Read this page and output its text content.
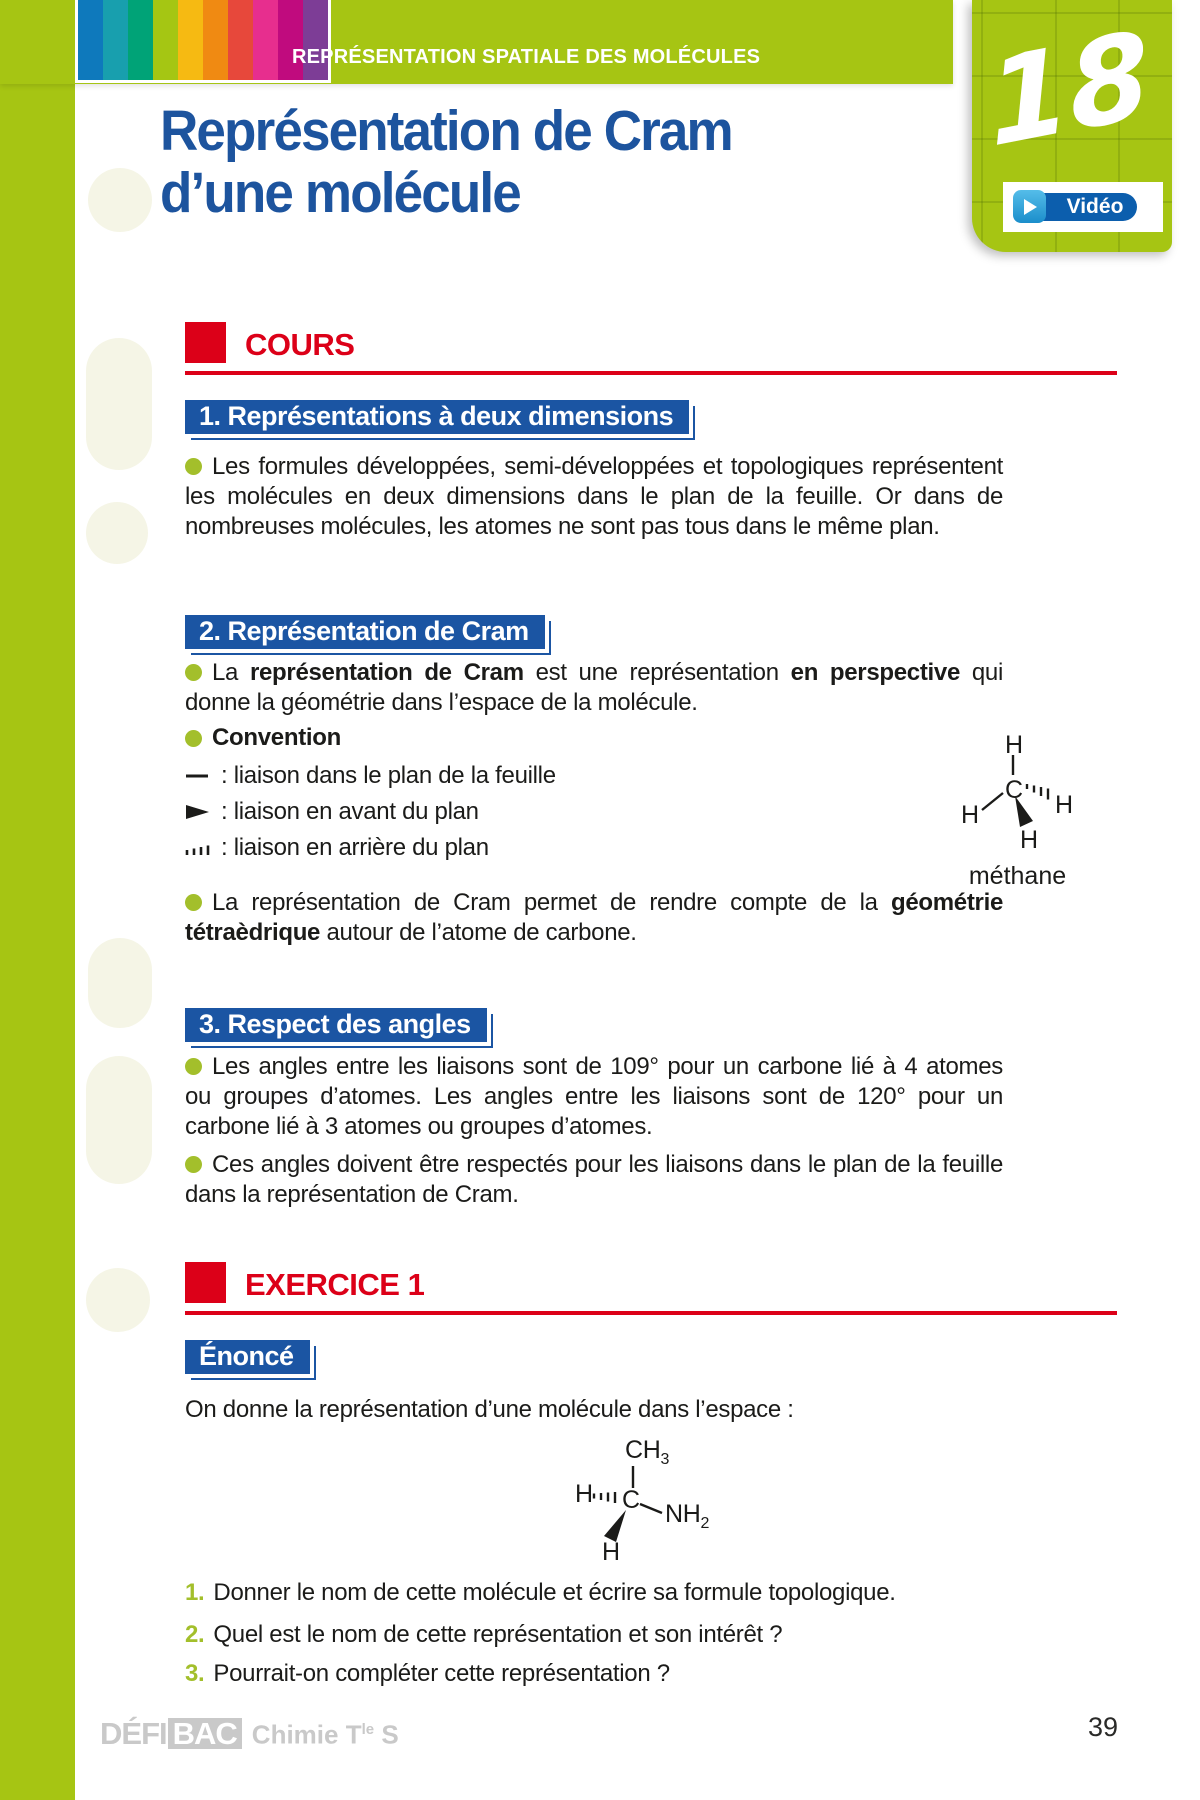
REPRÉSENTATION SPATIALE DES MOLÉCULES 18
Vidéo
Représentation de Cram
d’une molécule
COURS
1. Représentations à deux dimensions
Les formules développées, semi-développées et topologiques représentent les molécules en deux dimensions dans le plan de la feuille. Or dans de nombreuses molécules, les atomes ne sont pas tous dans le même plan.
2. Représentation de Cram
La représentation de Cram est une représentation en perspective qui donne la géométrie dans l’espace de la molécule.
Convention
: liaison dans le plan de la feuille
: liaison en avant du plan
: liaison en arrière du plan
La représentation de Cram permet de rendre compte de la géométrie tétraèdrique autour de l’atome de carbone.
H
C
H	H
H
méthane
3. Respect des angles
Les angles entre les liaisons sont de 109° pour un carbone lié à 4 atomes ou groupes d’atomes. Les angles entre les liaisons sont de 120° pour un carbone lié à 3 atomes ou groupes d’atomes.
Ces angles doivent être respectés pour les liaisons dans le plan de la feuille dans la représentation de Cram.
EXERCICE 1
Énoncé
On donne la représentation d’une molécule dans l’espace :
$CH_3$
H C $NH_2$
H
1. Donner le nom de cette molécule et écrire sa formule topologique.
2. Quel est le nom de cette représentation et son intérêt ?
3. Pourrait-on compléter cette représentation ?
DÉFI BAC Chimie $T^{le}$ S	39
